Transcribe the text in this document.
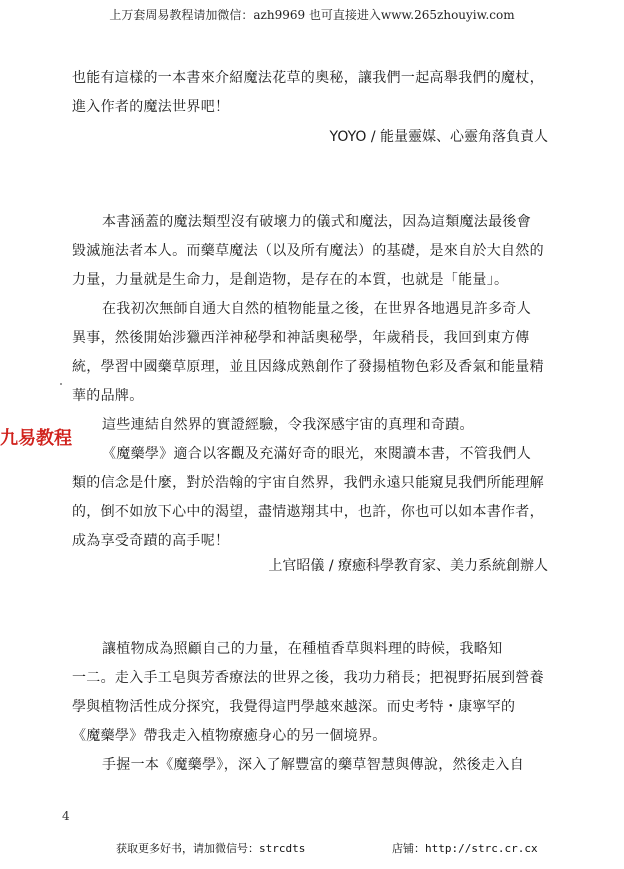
上万套周易教程请加微信：azh9969 也可直接进入www.265zhouyiw.com

也能有這樣的一本書來介紹魔法花草的奧秘，讓我們一起高舉我們的魔杖，

進入作者的魔法世界吧！

YOYO / 能量靈媒、心靈角落負責人

本書涵蓋的魔法類型沒有破壞力的儀式和魔法，因為這類魔法最後會

毀滅施法者本人。而藥草魔法（以及所有魔法）的基礎，是來自於大自然的

力量，力量就是生命力，是創造物，是存在的本質，也就是「能量」。

在我初次無師自通大自然的植物能量之後，在世界各地遇見許多奇人

異事，然後開始涉獵西洋神秘學和神話奧秘學，年歲稍長，我回到東方傳

統，學習中國藥草原理，並且因緣成熟創作了發揚植物色彩及香氣和能量精

華的品牌。

這些連結自然界的實證經驗，令我深感宇宙的真理和奇蹟。

《魔藥學》適合以客觀及充滿好奇的眼光，來閱讀本書，不管我們人

類的信念是什麼，對於浩翰的宇宙自然界，我們永遠只能窺見我們所能理解

的，倒不如放下心中的渴望，盡情遨翔其中，也許，你也可以如本書作者，

成為享受奇蹟的高手呢！

上官昭儀 / 療癒科學教育家、美力系統創辦人
九易教程

讓植物成為照顧自己的力量，在種植香草與料理的時候，我略知

一二。走入手工皂與芳香療法的世界之後，我功力稍長；把視野拓展到營養

學與植物活性成分探究，我覺得這門學越來越深。而史考特・康寧罕的

《魔藥學》帶我走入植物療癒身心的另一個境界。

手握一本《魔藥學》，深入了解豐富的藥草智慧與傳說，然後走入自

4
获取更多好书，请加微信号：strcdts	店铺：http://strc.cr.cx
